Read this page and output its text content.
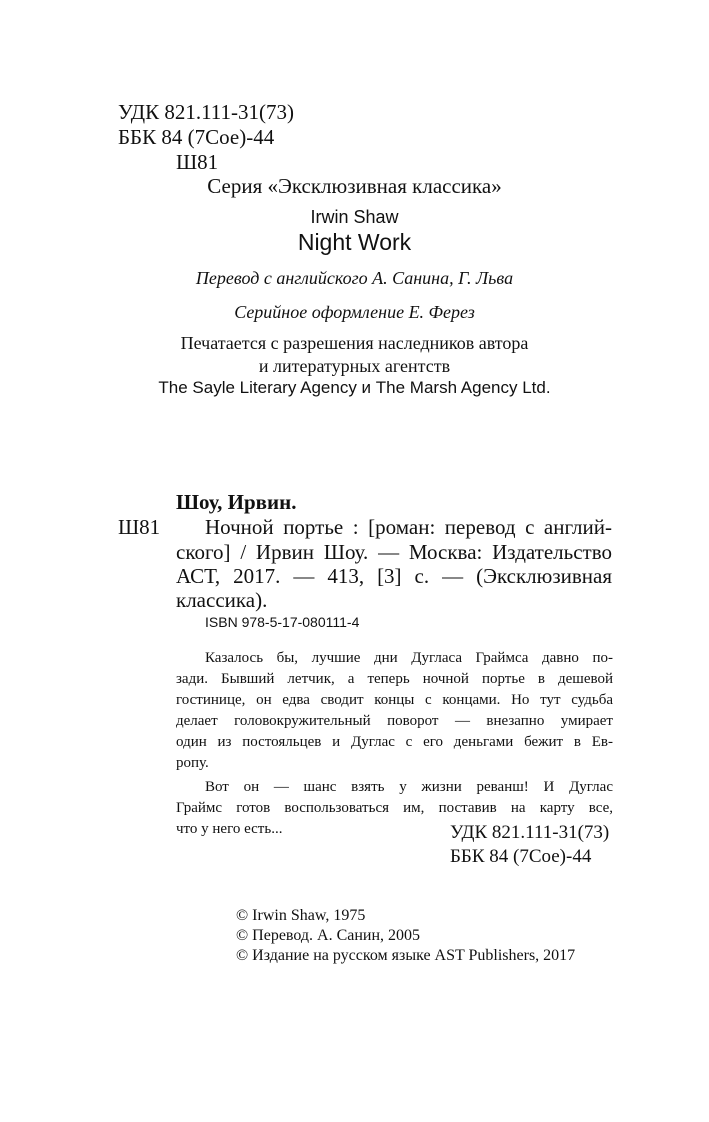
УДК 821.111-31(73)
ББК 84 (7Сое)-44
Ш81
Серия «Эксклюзивная классика»
Irwin Shaw
Night Work
Перевод с английского А. Санина, Г. Льва
Серийное оформление Е. Ферез
Печатается с разрешения наследников автора
и литературных агентств
The Sayle Literary Agency и The Marsh Agency Ltd.
Шоу, Ирвин.
Ш81 Ночной портье : [роман: перевод с англий-
ского] / Ирвин Шоу. — Москва: Издательство
АСТ, 2017. — 413, [3] с. — (Эксклюзивная
классика).
ISBN 978-5-17-080111-4
Казалось бы, лучшие дни Дугласа Граймса давно по-
зади. Бывший летчик, а теперь ночной портье в дешевой
гостинице, он едва сводит концы с концами. Но тут судьба
делает головокружительный поворот — внезапно умирает
один из постояльцев и Дуглас с его деньгами бежит в Ев-
ропу.
Вот он — шанс взять у жизни реванш! И Дуглас
Граймс готов воспользоваться им, поставив на карту все,
что у него есть...	УДК 821.111-31(73)
ББК 84 (7Сое)-44
© Irwin Shaw, 1975
© Перевод. А. Санин, 2005
© Издание на русском языке AST Publishers, 2017
